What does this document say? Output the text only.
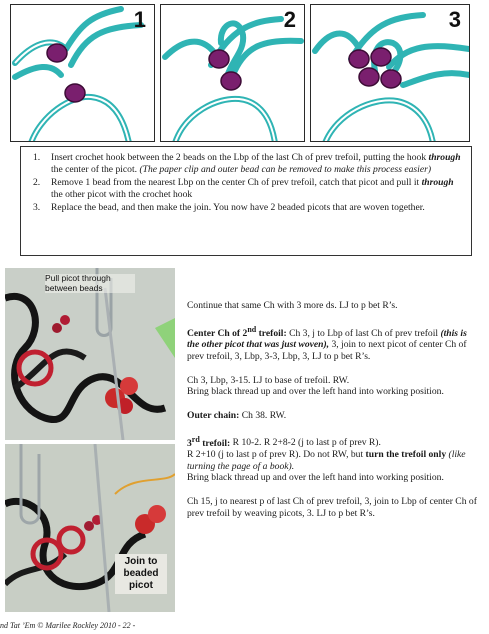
1	2	3
1. Insert crochet hook between the 2 beads on the Lbp of the last Ch of prev trefoil, putting the hook through the center of the picot. (The paper clip and outer bead can be removed to make this process easier)
2. Remove 1 bead from the nearest Lbp on the center Ch of prev trefoil, catch that picot and pull it through the other picot with the crochet hook
3. Replace the bead, and then make the join. You now have 2 beaded picots that are woven together.
Pull picot through between beads
Join to beaded picot

Continue that same Ch with 3 more ds. LJ to p bet R’s.

Center Ch of 2nd trefoil: Ch 3, j to Lbp of last Ch of prev trefoil (this is the other picot that was just woven), 3, join to next picot of center Ch of prev trefoil, 3, Lbp, 3-3, Lbp, 3, LJ to p bet R’s.

Ch 3, Lbp, 3-15. LJ to base of trefoil. RW.
Bring black thread up and over the left hand into working position.

Outer chain: Ch 38. RW.

3rd trefoil: R 10-2. R 2+8-2 (j to last p of prev R).
R 2+10 (j to last p of prev R). Do not RW, but turn the trefoil only (like turning the page of a book).
Bring black thread up and over the left hand into working position.

Ch 15, j to nearest p of last Ch of prev trefoil, 3, join to Lbp of center Ch of prev trefoil by weaving picots, 3. LJ to p bet R’s.

nd Tat ’Em © Marilee Rockley 2010 - 22 -
